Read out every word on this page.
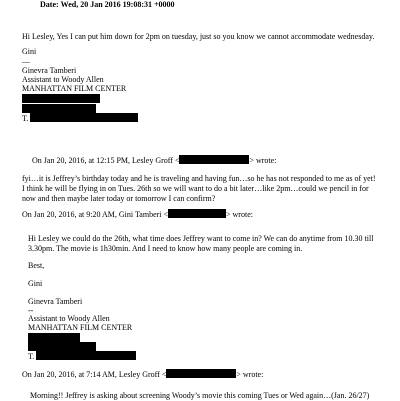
Date: Wed, 20 Jan 2016 19:08:31 +0000
Hi Lesley, Yes I can put him down for 2pm on tuesday, just so you know we cannot accommodate wednesday.
Gini
—
Ginevra Tamberi
Assistant to Woody Allen
MANHATTAN FILM CENTER
T.
On Jan 20, 2016, at 12:15 PM, Lesley Groff <	> wrote:
fyi…it is Jeffrey’s birthday today and he is traveling and having fun…so he has not responded to me as of yet!
I think he will be flying in on Tues. 26th so we will want to do a bit later…like 2pm…could we pencil in for
now and then maybe later today or tomorrow I can confirm?
On Jan 20, 2016, at 9:20 AM, Gini Tamberi <	> wrote:
Hi Lesley we could do the 26th, what time does Jeffrey want to come in? We can do anytime from 10.30 till
3.30pm. The movie is 1h30min. And I need to know how many people are coming in.
Best,
Gini
Ginevra Tamberi
--
Assistant to Woody Allen
MANHATTAN FILM CENTER
T.
On Jan 20, 2016, at 7:14 AM, Lesley Groff <	> wrote:
Morning!! Jeffrey is asking about screening Woody’s movie this coming Tues or Wed again…(Jan. 26/27)
